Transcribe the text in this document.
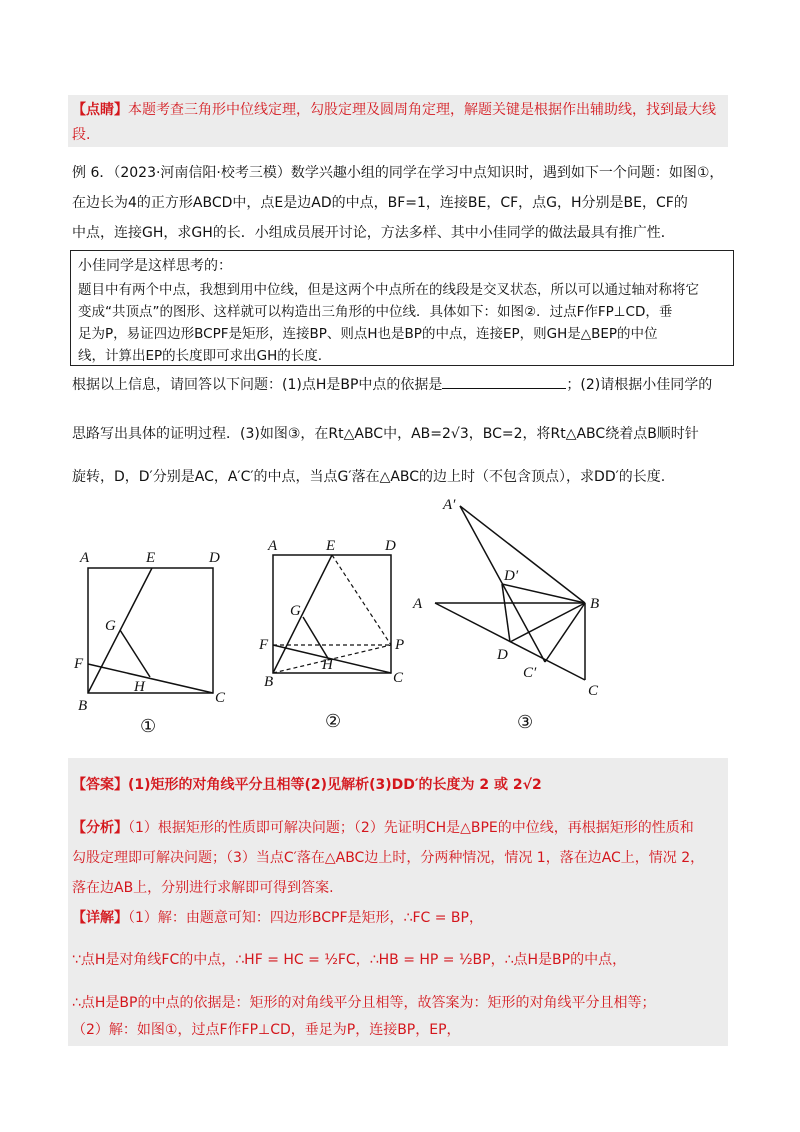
【点睛】本题考查三角形中位线定理，勾股定理及圆周角定理，解题关键是根据作出辅助线，找到最大线
段.
例 6．（2023·河南信阳·校考三模）数学兴趣小组的同学在学习中点知识时，遇到如下一个问题：如图①，
在边长为4的正方形ABCD中，点E是边AD的中点，BF=1，连接BE，CF，点G，H分别是BE，CF的
中点，连接GH，求GH的长．小组成员展开讨论，方法多样、其中小佳同学的做法最具有推广性．
小佳同学是这样思考的：
题目中有两个中点，我想到用中位线，但是这两个中点所在的线段是交叉状态，所以可以通过轴对称将它
变成“共顶点”的图形、这样就可以构造出三角形的中位线．具体如下：如图②．过点F作FP⊥CD，垂
足为P，易证四边形BCPF是矩形，连接BP、则点H也是BP的中点，连接EP，则GH是△BEP的中位
线，计算出EP的长度即可求出GH的长度.
根据以上信息，请回答以下问题：(1)点H是BP中点的依据是	；(2)请根据小佳同学的
思路写出具体的证明过程．(3)如图③，在Rt△ABC中，AB=2√3，BC=2，将Rt△ABC绕着点B顺时针
旋转，D，D′分别是AC，A′C′的中点，当点G′落在△ABC的边上时（不包含顶点），求DD′的长度.
A	E	D
G
F
H
B	C
①
A	E	D
G
F	P
H
B	C
②
A′
D′
A	B
D
C′
C
③
【答案】(1)矩形的对角线平分且相等(2)见解析(3)DD′的长度为 2 或 2√2
【分析】（1）根据矩形的性质即可解决问题；（2）先证明CH是△BPE的中位线，再根据矩形的性质和
勾股定理即可解决问题；（3）当点C′落在△ABC边上时，分两种情况，情况 1，落在边AC上，情况 2，
落在边AB上，分别进行求解即可得到答案.
【详解】（1）解：由题意可知：四边形BCPF是矩形，∴FC = BP，
∵点H是对角线FC的中点，∴HF = HC = ½FC，∴HB = HP = ½BP，∴点H是BP的中点，
∴点H是BP的中点的依据是：矩形的对角线平分且相等，故答案为：矩形的对角线平分且相等；
（2）解：如图①，过点F作FP⊥CD，垂足为P，连接BP，EP，
